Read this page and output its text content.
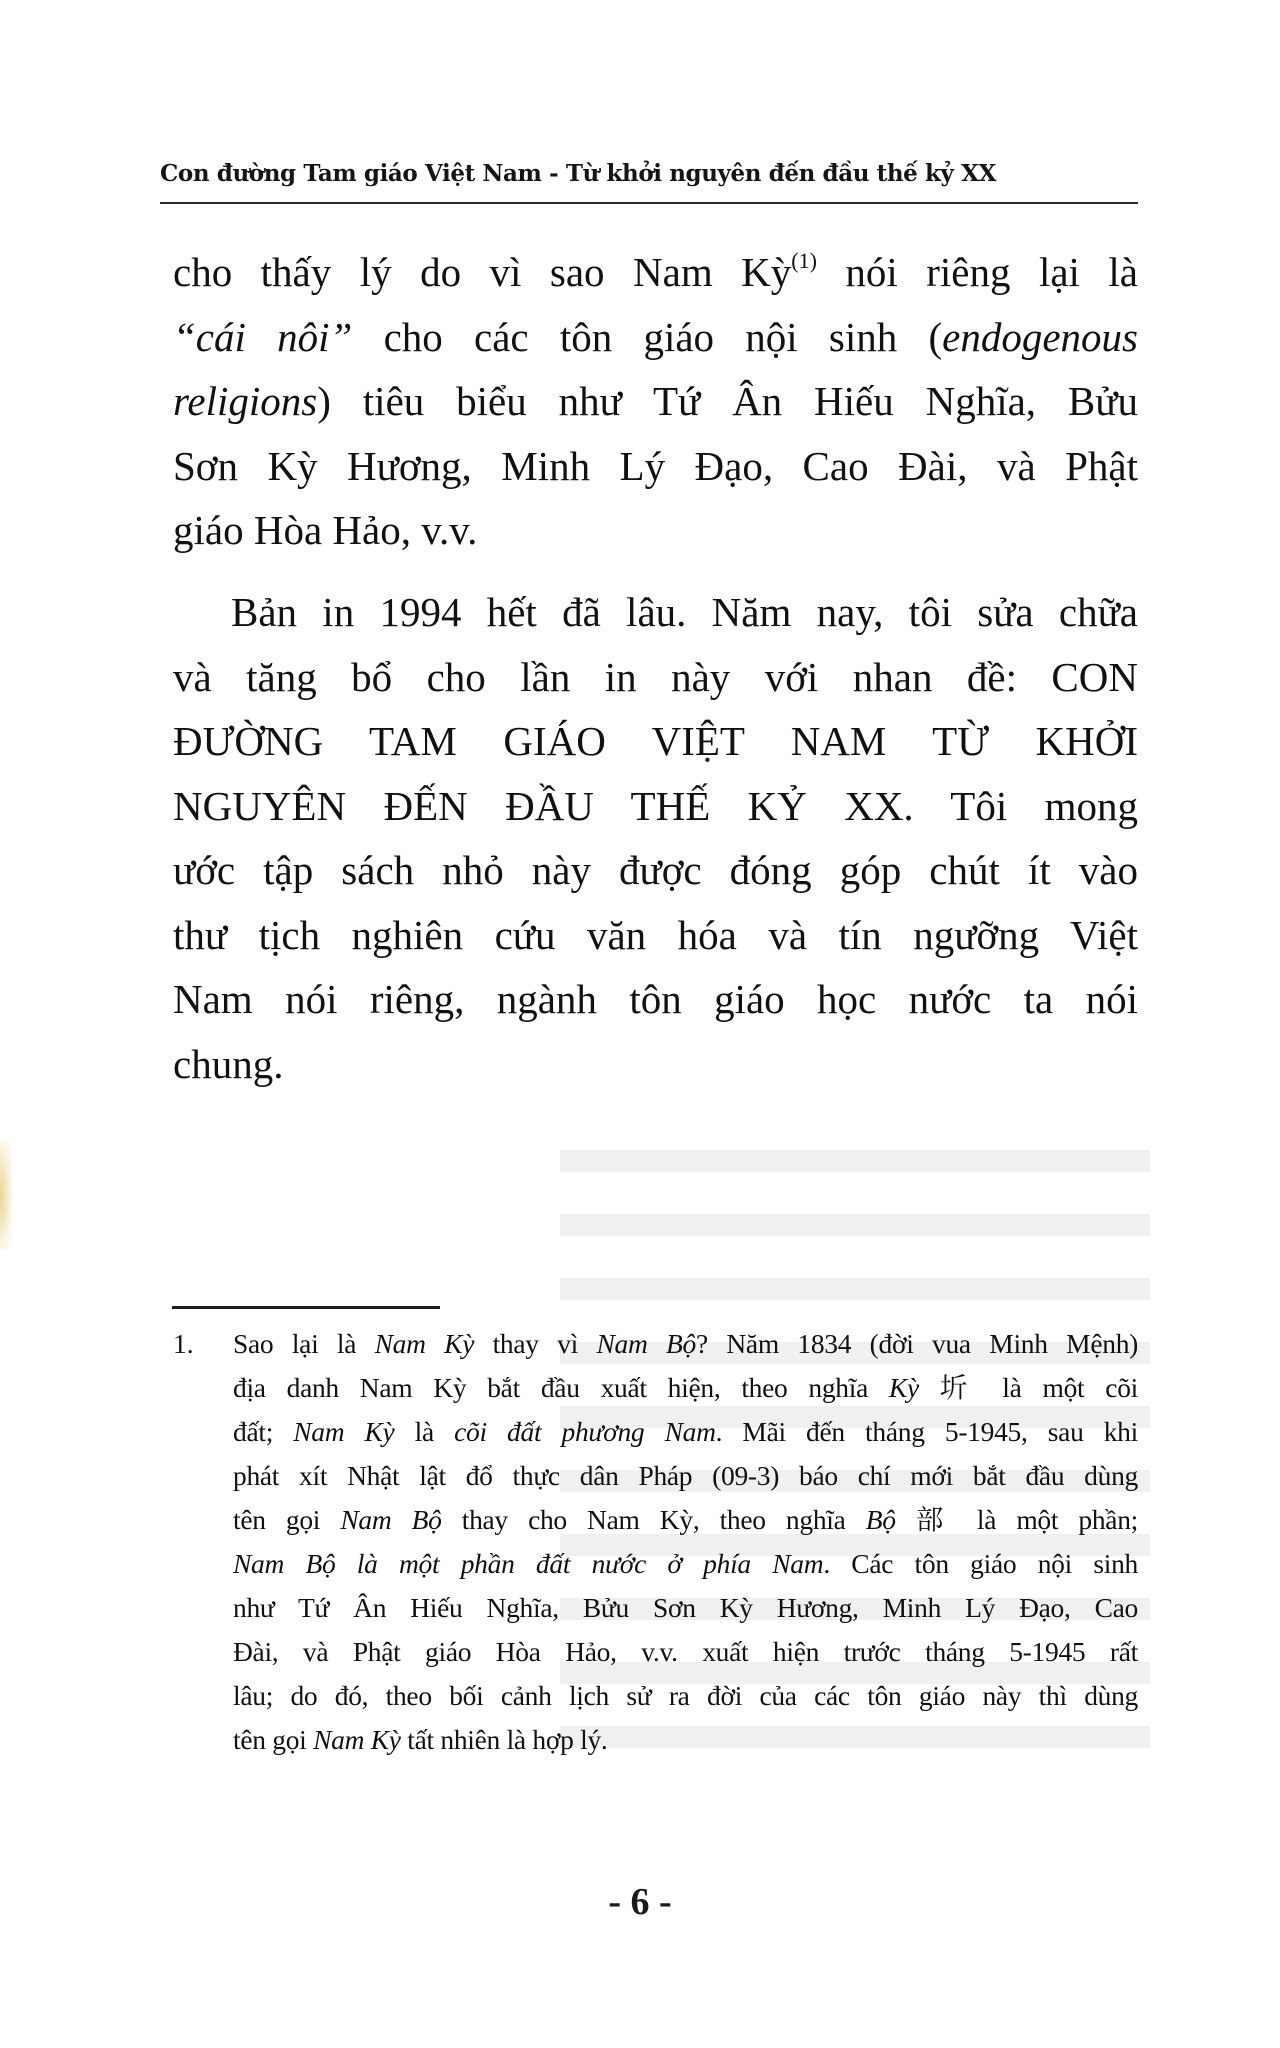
Con đường Tam giáo Việt Nam - Từ khởi nguyên đến đầu thế kỷ XX
cho thấy lý do vì sao Nam Kỳ$^{(1)}$ nói riêng lại là
“cái nôi” cho các tôn giáo nội sinh (endogenous
religions) tiêu biểu như Tứ Ân Hiếu Nghĩa, Bửu
Sơn Kỳ Hương, Minh Lý Đạo, Cao Đài, và Phật
giáo Hòa Hảo, v.v.
Bản in 1994 hết đã lâu. Năm nay, tôi sửa chữa
và tăng bổ cho lần in này với nhan đề: CON
ĐƯỜNG TAM GIÁO VIỆT NAM TỪ KHỞI
NGUYÊN ĐẾN ĐẦU THẾ KỶ XX. Tôi mong
ước tập sách nhỏ này được đóng góp chút ít vào
thư tịch nghiên cứu văn hóa và tín ngưỡng Việt
Nam nói riêng, ngành tôn giáo học nước ta nói
chung.
1. Sao lại là Nam Kỳ thay vì Nam Bộ? Năm 1834 (đời vua Minh Mệnh)
địa danh Nam Kỳ bắt đầu xuất hiện, theo nghĩa Kỳ 圻 là một cõi
đất; Nam Kỳ là cõi đất phương Nam. Mãi đến tháng 5-1945, sau khi
phát xít Nhật lật đổ thực dân Pháp (09-3) báo chí mới bắt đầu dùng
tên gọi Nam Bộ thay cho Nam Kỳ, theo nghĩa Bộ 部 là một phần;
Nam Bộ là một phần đất nước ở phía Nam. Các tôn giáo nội sinh
như Tứ Ân Hiếu Nghĩa, Bửu Sơn Kỳ Hương, Minh Lý Đạo, Cao
Đài, và Phật giáo Hòa Hảo, v.v. xuất hiện trước tháng 5-1945 rất
lâu; do đó, theo bối cảnh lịch sử ra đời của các tôn giáo này thì dùng
tên gọi Nam Kỳ tất nhiên là hợp lý.
- 6 -
